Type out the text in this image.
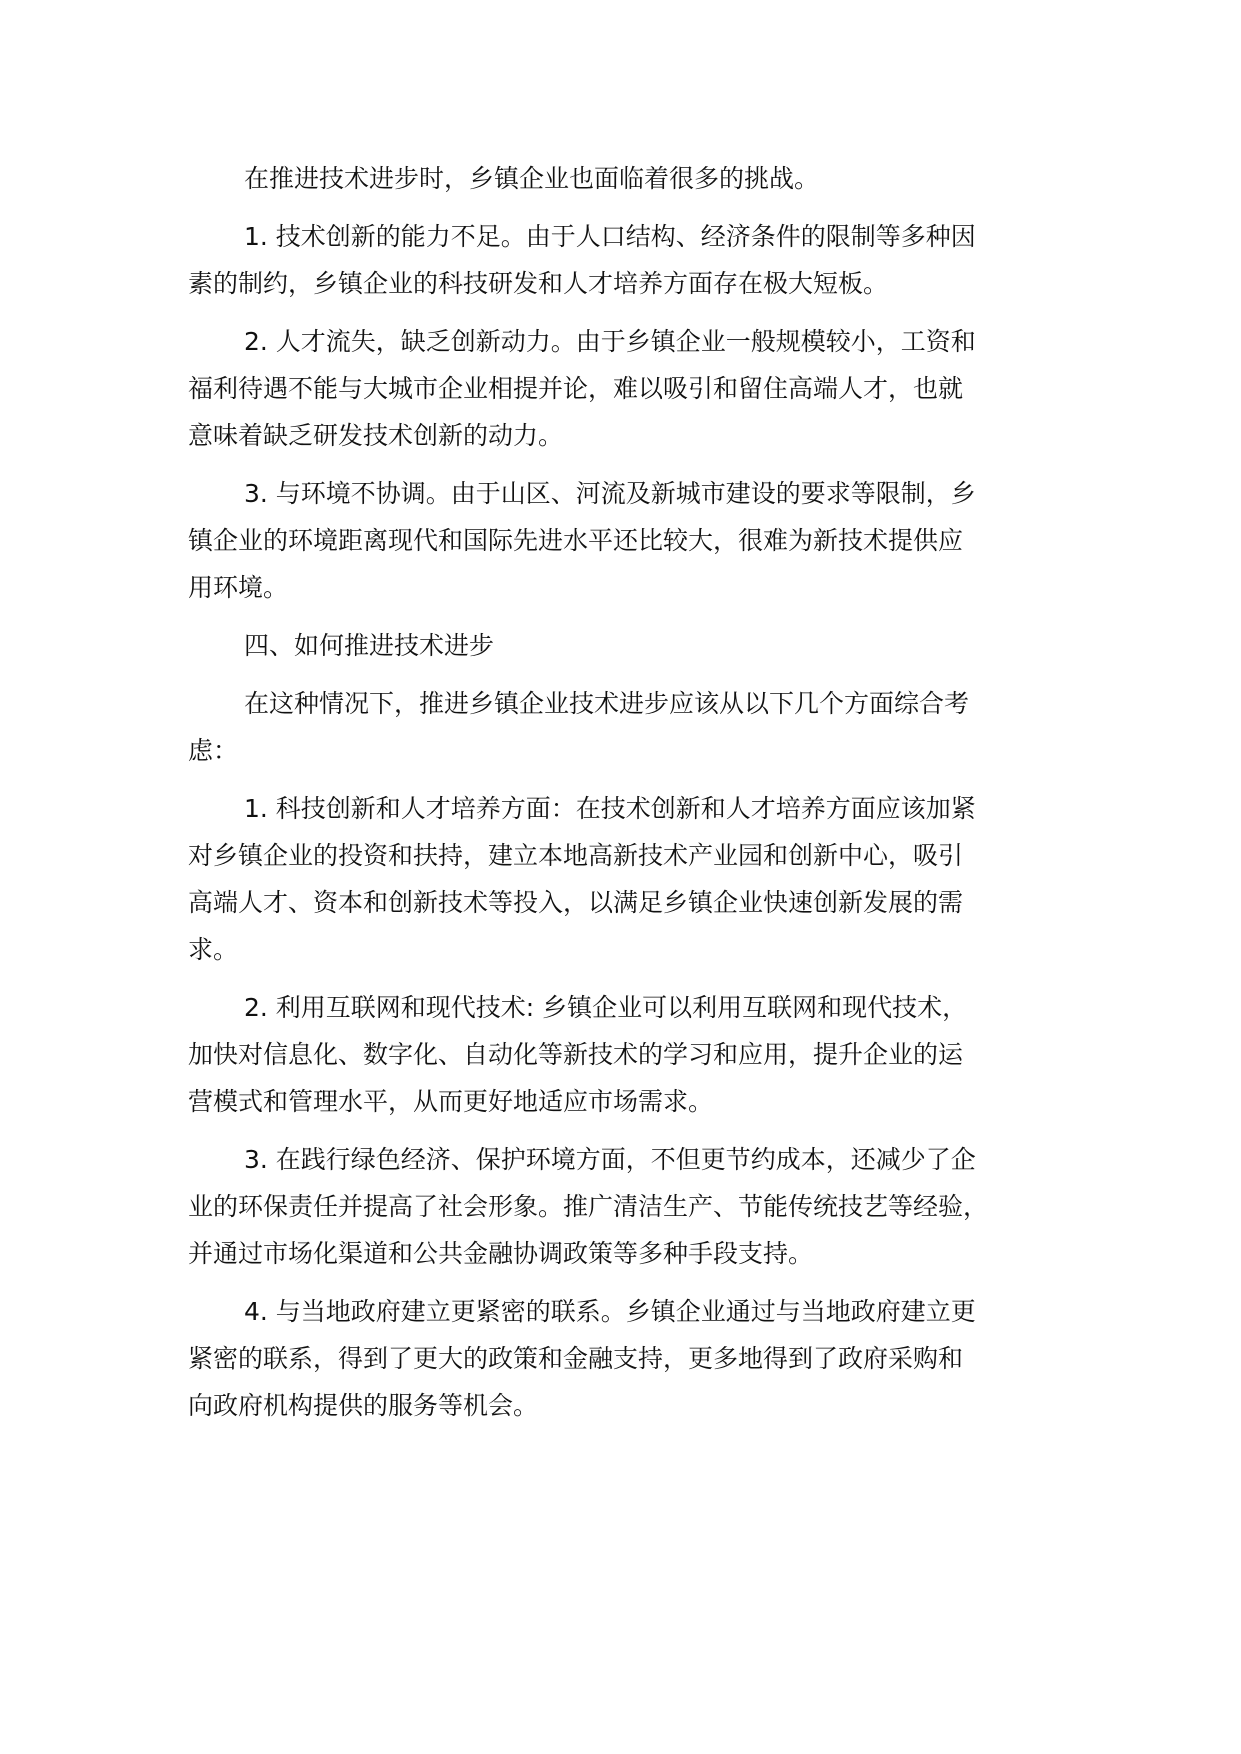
在推进技术进步时，乡镇企业也面临着很多的挑战。
1. 技术创新的能力不足。由于人口结构、经济条件的限制等多种因
素的制约，乡镇企业的科技研发和人才培养方面存在极大短板。
2. 人才流失，缺乏创新动力。由于乡镇企业一般规模较小，工资和
福利待遇不能与大城市企业相提并论，难以吸引和留住高端人才，也就
意味着缺乏研发技术创新的动力。
3. 与环境不协调。由于山区、河流及新城市建设的要求等限制，乡
镇企业的环境距离现代和国际先进水平还比较大，很难为新技术提供应
用环境。
四、如何推进技术进步
在这种情况下，推进乡镇企业技术进步应该从以下几个方面综合考
虑：
1. 科技创新和人才培养方面：在技术创新和人才培养方面应该加紧
对乡镇企业的投资和扶持，建立本地高新技术产业园和创新中心，吸引
高端人才、资本和创新技术等投入，以满足乡镇企业快速创新发展的需
求。
2. 利用互联网和现代技术: 乡镇企业可以利用互联网和现代技术，
加快对信息化、数字化、自动化等新技术的学习和应用，提升企业的运
营模式和管理水平，从而更好地适应市场需求。
3. 在践行绿色经济、保护环境方面，不但更节约成本，还减少了企
业的环保责任并提高了社会形象。推广清洁生产、节能传统技艺等经验，
并通过市场化渠道和公共金融协调政策等多种手段支持。
4. 与当地政府建立更紧密的联系。乡镇企业通过与当地政府建立更
紧密的联系，得到了更大的政策和金融支持，更多地得到了政府采购和
向政府机构提供的服务等机会。
